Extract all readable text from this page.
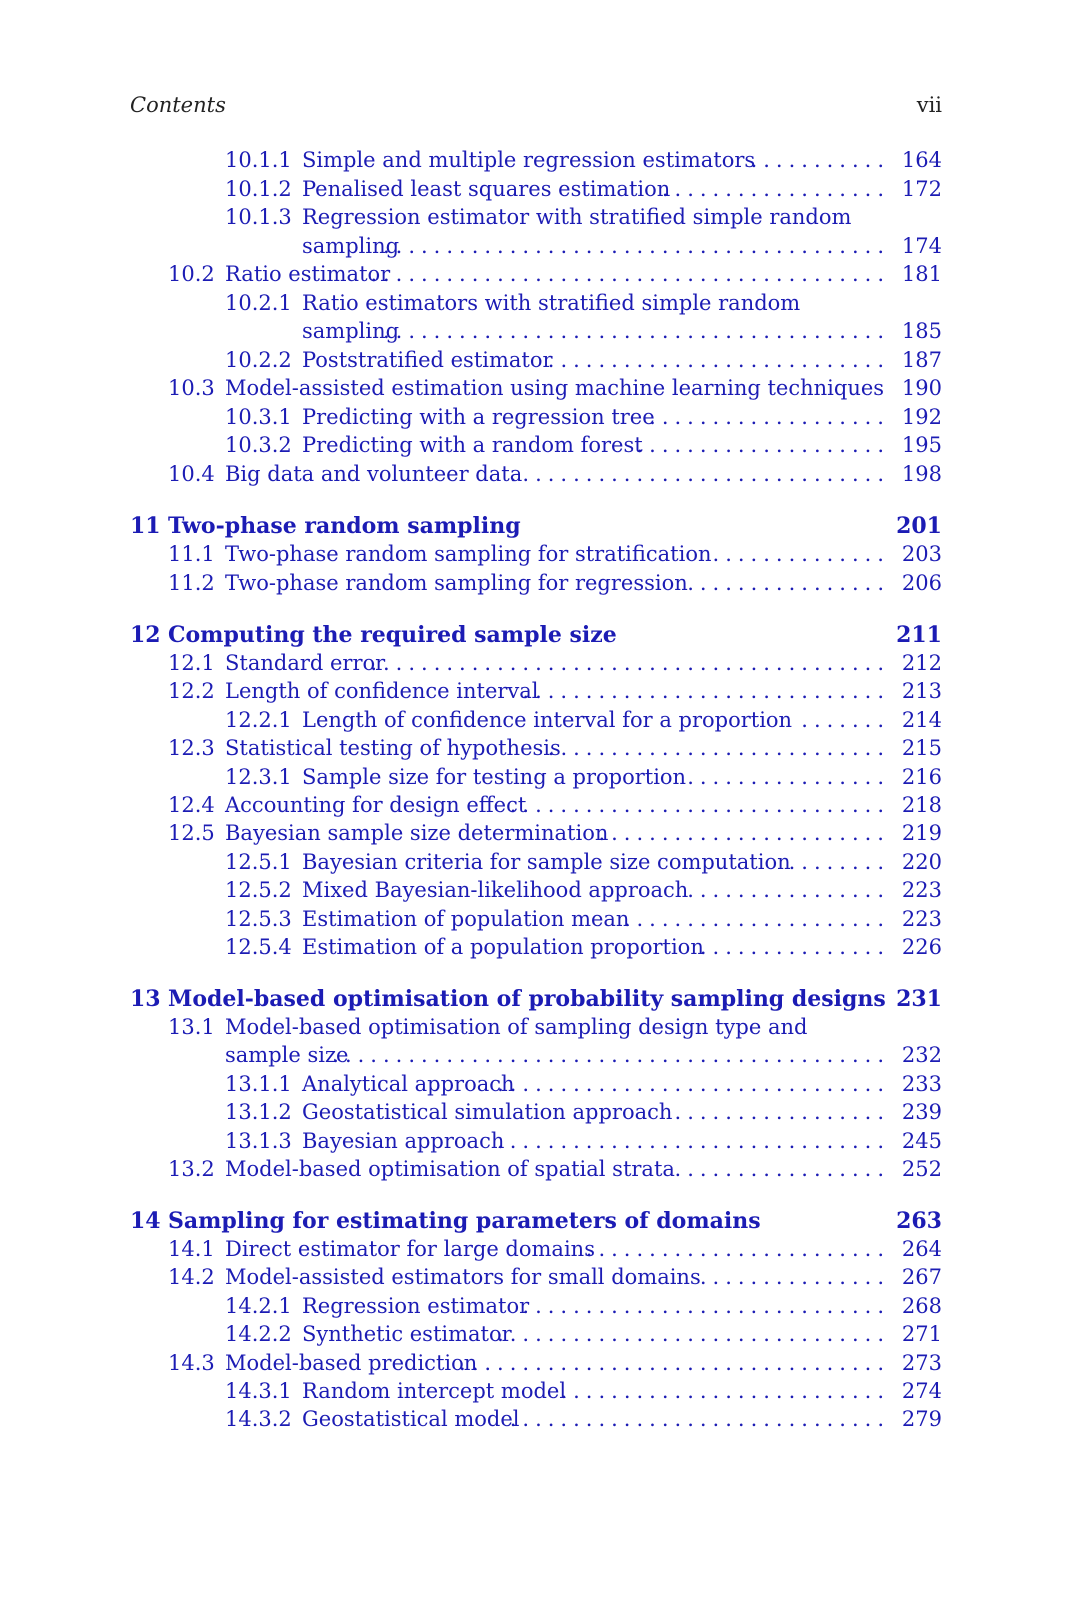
Contents	vii
10.1.1 Simple and multiple regression estimators	164
...........
10.1.2 Penalised least squares estimation	172
..................
10.1.3 Regression estimator with stratified simple random
sampling	174
........................................
10.2 Ratio estimator	181
.........................................
10.2.1 Ratio estimators with stratified simple random
sampling	185
........................................
10.2.2 Poststratified estimator	187
...........................
10.3 Model-assisted estimation using machine learning techniques 190
10.3.1 Predicting with a regression tree	192
...................
10.3.2 Predicting with a random forest	195
....................
10.4 Big data and volunteer data	198
..............................
11 Two-phase random sampling	201
11.1 Two-phase random sampling for stratification	203
..............
11.2 Two-phase random sampling for regression	206
................
12 Computing the required sample size	211
12.1 Standard error	212
.........................................
12.2 Length of confidence interval	213
.............................
12.2.1 Length of confidence interval for a proportion	214
.......
12.3 Statistical testing of hypothesis	215
...........................
12.3.1 Sample size for testing a proportion	216
................
12.4 Accounting for design effect	218
..............................
12.5 Bayesian sample size determination	219
.......................
12.5.1 Bayesian criteria for sample size computation	220
........
12.5.2 Mixed Bayesian-likelihood approach	223
................
12.5.3 Estimation of population mean	223
.....................
12.5.4 Estimation of a population proportion	226
...............
13 Model-based optimisation of probability sampling designs 231
13.1 Model-based optimisation of sampling design type and
sample size	232
............................................
13.1.1 Analytical approach	233
...............................
13.1.2 Geostatistical simulation approach	239
.................
13.1.3 Bayesian approach	245
...............................
13.2 Model-based optimisation of spatial strata	252
.................
14 Sampling for estimating parameters of domains	263
14.1 Direct estimator for large domains	264
........................
14.2 Model-assisted estimators for small domains	267
...............
14.2.1 Regression estimator	268
.............................
14.2.2 Synthetic estimator	271
...............................
14.3 Model-based prediction	273
..................................
14.3.1 Random intercept model	274
..........................
14.3.2 Geostatistical model	279
..............................
